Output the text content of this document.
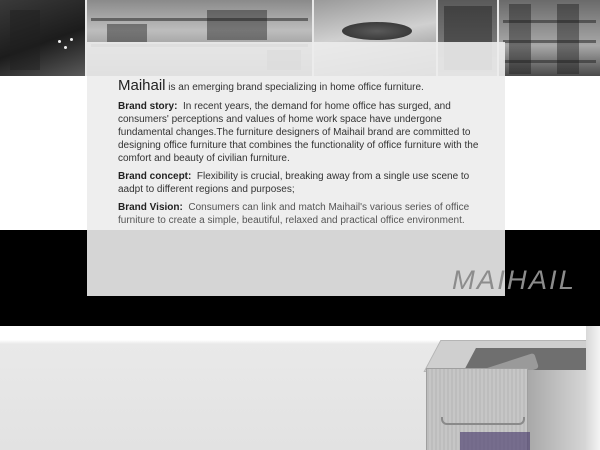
Maihail is an emerging brand specializing in home office furniture.

Brand story: In recent years, the demand for home office has surged, and consumers' perceptions and values of home work space have undergone fundamental changes.The furniture designers of Maihail brand are committed to designing office furniture that combines the functionality of office furniture with the comfort and beauty of civilian furniture.

Brand concept: Flexibility is crucial, breaking away from a single use scene to aadpt to different regions and purposes;

Brand Vision: Consumers can link and match Maihail's various series of office furniture to create a simple, beautiful, relaxed and practical office environment.

MAIHAIL
